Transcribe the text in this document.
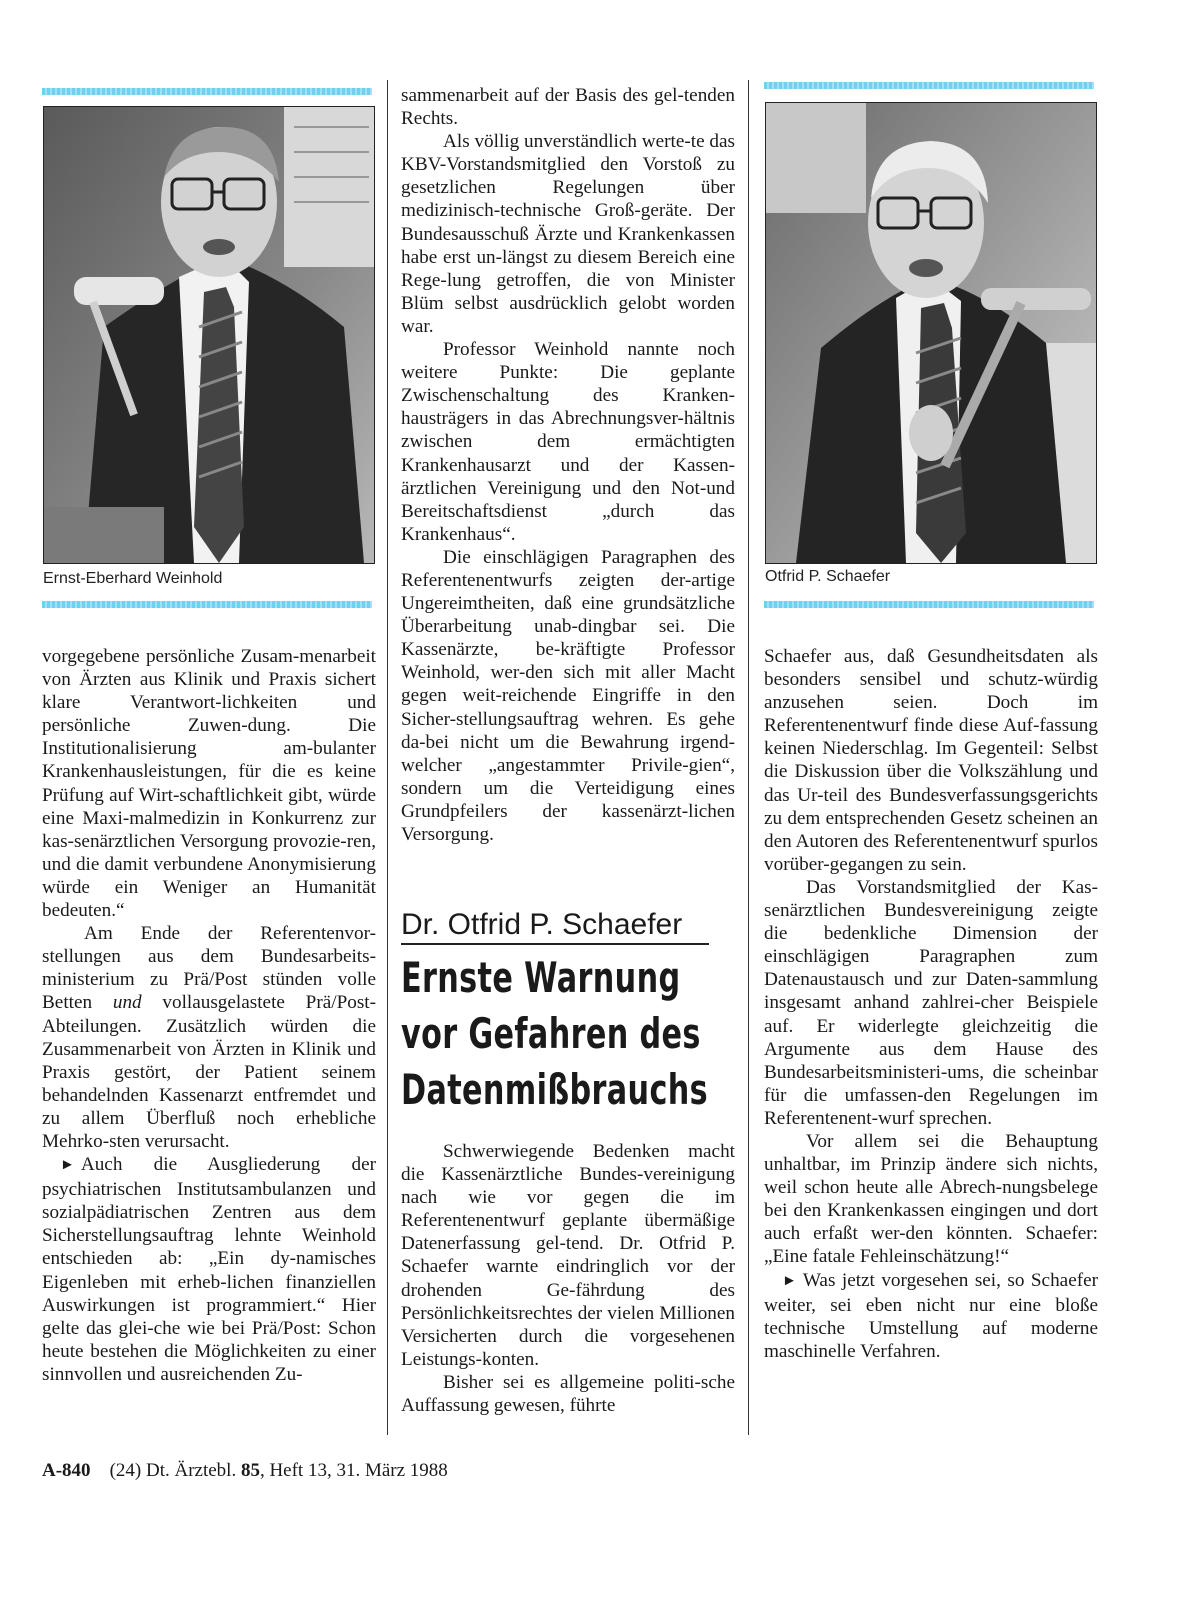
Ernst-Eberhard Weinhold	Otfrid P. Schaefer

vorgegebene persönliche Zusam-menarbeit von Ärzten aus Klinik und Praxis sichert klare Verantwort-lichkeiten und persönliche Zuwen-dung. Die Institutionalisierung am-bulanter Krankenhausleistungen, für die es keine Prüfung auf Wirt-schaftlichkeit gibt, würde eine Maxi-malmedizin in Konkurrenz zur kas-senärztlichen Versorgung provozie-ren, und die damit verbundene Anonymisierung würde ein Weniger an Humanität bedeuten.“

Am Ende der Referentenvor-stellungen aus dem Bundesarbeits-ministerium zu Prä/Post stünden volle Betten und vollausgelastete Prä/Post-Abteilungen. Zusätzlich würden die Zusammenarbeit von Ärzten in Klinik und Praxis gestört, der Patient seinem behandelnden Kassenarzt entfremdet und zu allem Überfluß noch erhebliche Mehrko-sten verursacht.

► Auch die Ausgliederung der psychiatrischen Institutsambulanzen und sozialpädiatrischen Zentren aus dem Sicherstellungsauftrag lehnte Weinhold entschieden ab: „Ein dy-namisches Eigenleben mit erheb-lichen finanziellen Auswirkungen ist programmiert.“ Hier gelte das glei-che wie bei Prä/Post: Schon heute bestehen die Möglichkeiten zu einer sinnvollen und ausreichenden Zu-

sammenarbeit auf der Basis des gel-tenden Rechts.

Als völlig unverständlich werte-te das KBV-Vorstandsmitglied den Vorstoß zu gesetzlichen Regelungen über medizinisch-technische Groß-geräte. Der Bundesausschuß Ärzte und Krankenkassen habe erst un-längst zu diesem Bereich eine Rege-lung getroffen, die von Minister Blüm selbst ausdrücklich gelobt worden war.

Professor Weinhold nannte noch weitere Punkte: Die geplante Zwischenschaltung des Kranken-hausträgers in das Abrechnungsver-hältnis zwischen dem ermächtigten Krankenhausarzt und der Kassen-ärztlichen Vereinigung und den Not-und Bereitschaftsdienst „durch das Krankenhaus“.

Die einschlägigen Paragraphen des Referentenentwurfs zeigten der-artige Ungereimtheiten, daß eine grundsätzliche Überarbeitung unab-dingbar sei. Die Kassenärzte, be-kräftigte Professor Weinhold, wer-den sich mit aller Macht gegen weit-reichende Eingriffe in den Sicher-stellungsauftrag wehren. Es gehe da-bei nicht um die Bewahrung irgend-welcher „angestammter Privile-gien“, sondern um die Verteidigung eines Grundpfeilers der kassenärzt-lichen Versorgung.

Dr. Otfrid P. Schaefer
Ernste Warnung
vor Gefahren des
Datenmißbrauchs

Schwerwiegende Bedenken macht die Kassenärztliche Bundes-vereinigung nach wie vor gegen die im Referentenentwurf geplante übermäßige Datenerfassung gel-tend. Dr. Otfrid P. Schaefer warnte eindringlich vor der drohenden Ge-fährdung des Persönlichkeitsrechtes der vielen Millionen Versicherten durch die vorgesehenen Leistungs-konten.

Bisher sei es allgemeine politi-sche Auffassung gewesen, führte

Schaefer aus, daß Gesundheitsdaten als besonders sensibel und schutz-würdig anzusehen seien. Doch im Referentenentwurf finde diese Auf-fassung keinen Niederschlag. Im Gegenteil: Selbst die Diskussion über die Volkszählung und das Ur-teil des Bundesverfassungsgerichts zu dem entsprechenden Gesetz scheinen an den Autoren des Referentenentwurf spurlos vorüber-gegangen zu sein.

Das Vorstandsmitglied der Kas-senärztlichen Bundesvereinigung zeigte die bedenkliche Dimension der einschlägigen Paragraphen zum Datenaustausch und zur Daten-sammlung insgesamt anhand zahlrei-cher Beispiele auf. Er widerlegte gleichzeitig die Argumente aus dem Hause des Bundesarbeitsministeri-ums, die scheinbar für die umfassen-den Regelungen im Referentenent-wurf sprechen.

Vor allem sei die Behauptung unhaltbar, im Prinzip ändere sich nichts, weil schon heute alle Abrech-nungsbelege bei den Krankenkassen eingingen und dort auch erfaßt wer-den könnten. Schaefer: „Eine fatale Fehleinschätzung!“

► Was jetzt vorgesehen sei, so Schaefer weiter, sei eben nicht nur eine bloße technische Umstellung auf moderne maschinelle Verfahren.

A-840 (24) Dt. Ärztebl. 85, Heft 13, 31. März 1988
